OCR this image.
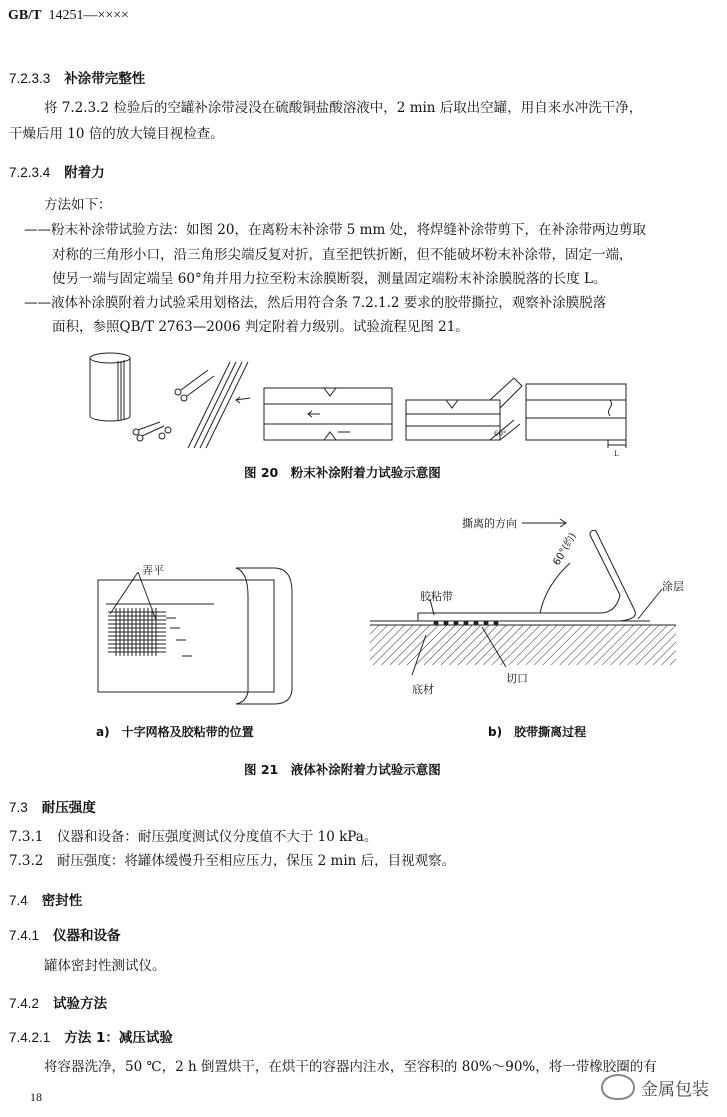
GB/T 14251—××××
7.2.3.3 补涂带完整性
将 7.2.3.2 检验后的空罐补涂带浸没在硫酸铜盐酸溶液中，2 min 后取出空罐，用自来水冲洗干净，
干燥后用 10 倍的放大镜目视检查。
7.2.3.4 附着力
方法如下：
——粉末补涂带试验方法：如图 20，在离粉末补涂带 5 mm 处，将焊缝补涂带剪下，在补涂带两边剪取
对称的三角形小口，沿三角形尖端反复对折，直至把铁折断，但不能破坏粉末补涂带，固定一端，
使另一端与固定端呈 60°角并用力拉至粉末涂膜断裂，测量固定端粉末补涂膜脱落的长度 L。
——液体补涂膜附着力试验采用划格法，然后用符合条 7.2.1.2 要求的胶带撕拉，观察补涂膜脱落
面积，参照QB/T 2763—2006 判定附着力级别。试验流程见图 21。
60°
L
图 20　粉末补涂附着力试验示意图
弄平
撕离的方向
60°(约)
涂层
胶粘带
切口
底材
a)　十字网格及胶粘带的位置	b)　胶带撕离过程
图 21　液体补涂附着力试验示意图
7.3 耐压强度
7.3.1　仪器和设备：耐压强度测试仪分度值不大于 10 kPa。
7.3.2　耐压强度：将罐体缓慢升至相应压力，保压 2 min 后，目视观察。
7.4 密封性
7.4.1 仪器和设备
罐体密封性测试仪。
7.4.2 试验方法
7.4.2.1 方法 1：减压试验
将容器洗净，50 ℃，2 h 倒置烘干，在烘干的容器内注水，至容积的 80%～90%，将一带橡胶圈的有
18	金属包装
